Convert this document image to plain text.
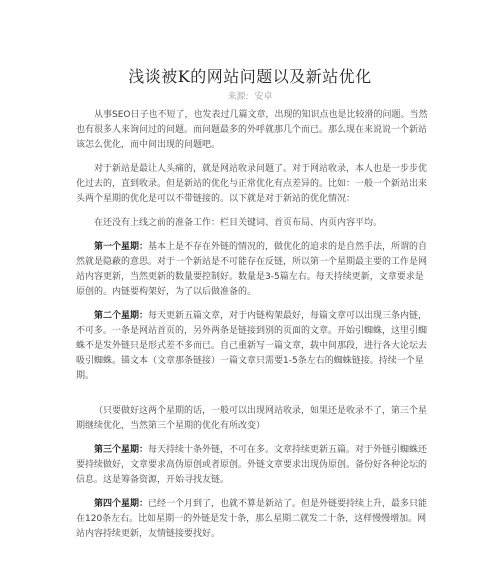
浅谈被K的网站问题以及新站优化
来源: 安卓

从事SEO日子也不短了，也发表过几篇文章，出现的知识点也是比较滑的问题。当然也有很多人来询问过的问题。而问题最多的外呼就那几个而已。那么现在来说说一个新站该怎么优化，而中间出现的问题吧。

对于新站是最让人头痛的，就是网站收录问题了。对于网站收录，本人也是一步步优化过去的，直到收录。但是新站的优化与正常优化有点差异的。比如：一般一个新站出来头两个星期的优化是可以不带链接的。以下就是对于新站的优化情况：

在还没有上线之前的准备工作：栏目关键词、首页布局、内页内容平均。

第一个星期：基本上是不存在外链的情况的，做优化的追求的是自然手法，所谓的自然就是隐蔽的意思。对于一个新站是不可能存在反链，所以第一个星期最主要的工作是网站内容更新，当然更新的数量要控制好。数量是3-5篇左右。每天持续更新，文章要求是原创的。内链要构架好，为了以后做准备的。

第二个星期：每天更新五篇文章，对于内链构架最好，每篇文章可以出现三条内链，不可多。一条是网站首页的，另外两条是链接到别的页面的文章。开始引蜘蛛，这里引蜘蛛不是发外链只是形式差不多而已。自己重新写一篇文章，载中间那段，进行各大论坛去吸引蜘蛛。锚文本（文章那条链接）一篇文章只需要1-5条左右的蜘蛛链接。持续一个星期。

（只要做好这两个星期的话，一般可以出现网站收录，如果还是收录不了，第三个星期继续优化，当然第三个星期的优化有所改变）

第三个星期：每天持续十条外链，不可在多。文章持续更新五篇。对于外链引蜘蛛还要持续做好，文章要求高伪原创或者原创。外链文章要求出现伪原创。备份好各种论坛的信息。这是筹备资源，开始寻找友链。

第四个星期：已经一个月到了，也就不算是新站了。但是外链要持续上升，最多只能在120条左右。比如星期一的外链是发十条，那么星期二就发二十条，这样慢慢增加。网站内容持续更新，友情链接要找好。
